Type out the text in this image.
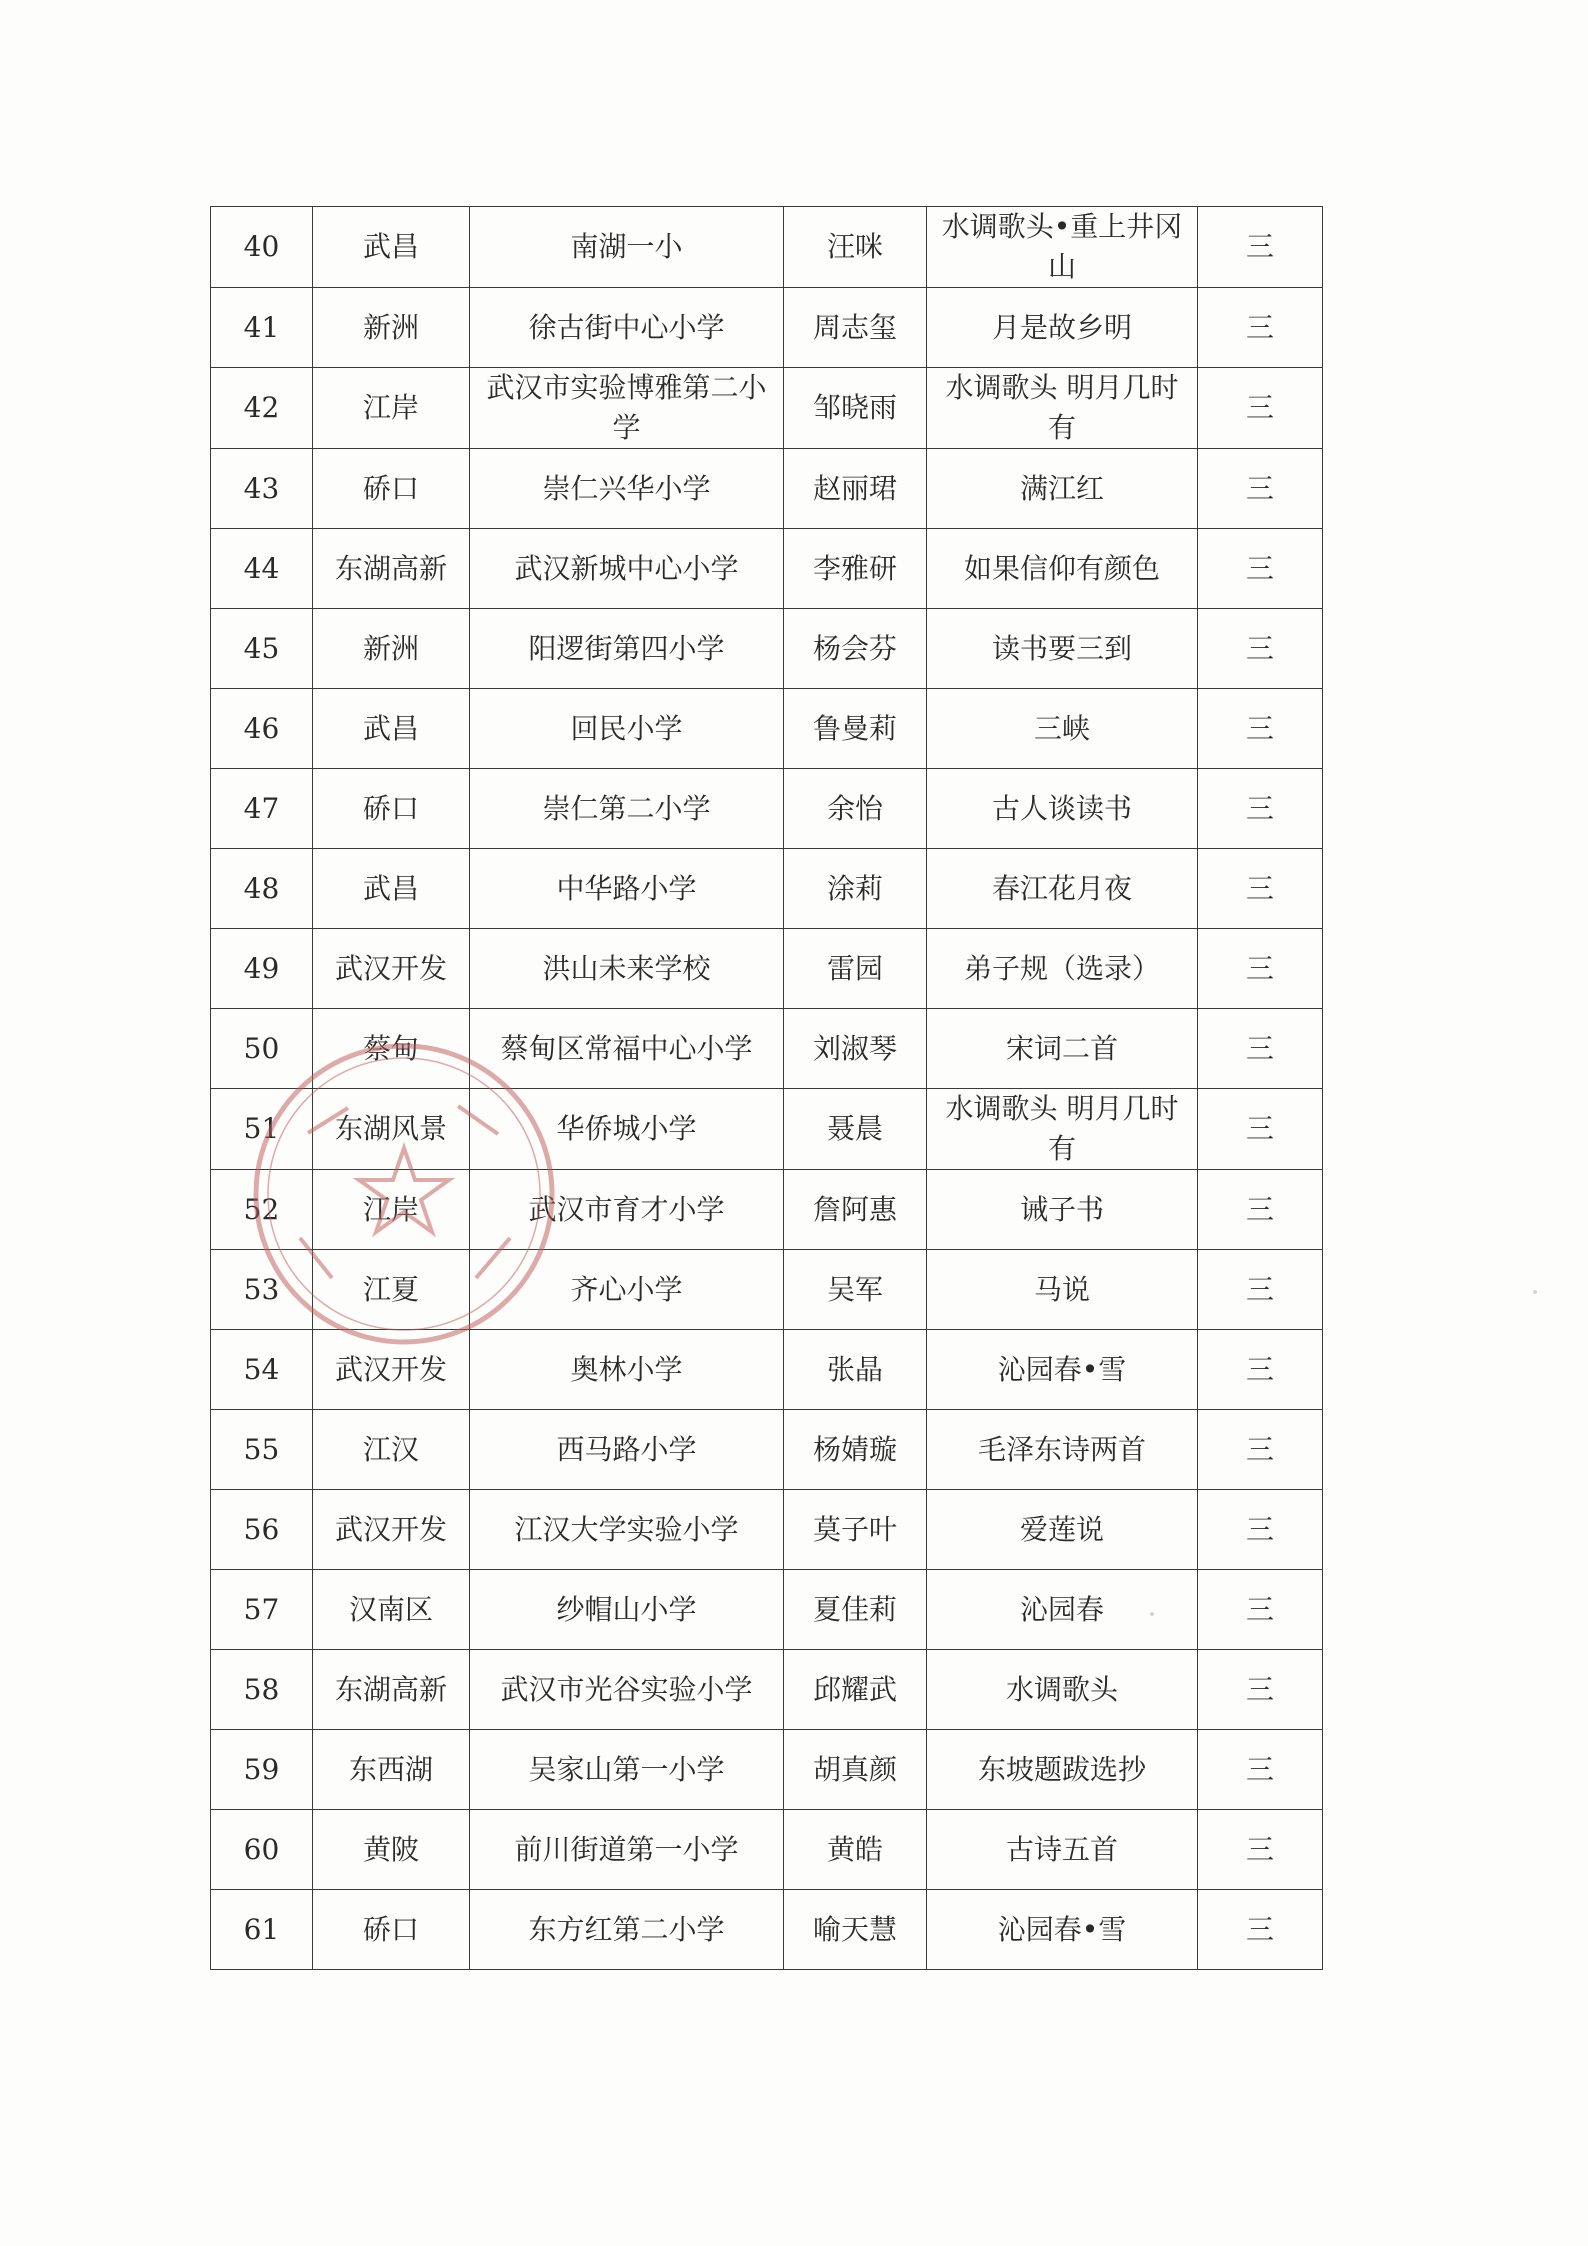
40	武昌	南湖一小	汪咪	水调歌头•重上井冈山	三
41	新洲	徐古街中心小学	周志玺	月是故乡明	三
42	江岸	武汉市实验博雅第二小学	邹晓雨	水调歌头 明月几时有	三
43	硚口	崇仁兴华小学	赵丽珺	满江红	三
44	东湖高新	武汉新城中心小学	李雅研	如果信仰有颜色	三
45	新洲	阳逻街第四小学	杨会芬	读书要三到	三
46	武昌	回民小学	鲁曼莉	三峡	三
47	硚口	崇仁第二小学	余怡	古人谈读书	三
48	武昌	中华路小学	涂莉	春江花月夜	三
49	武汉开发	洪山未来学校	雷园	弟子规（选录）	三
50	蔡甸	蔡甸区常福中心小学	刘淑琴	宋词二首	三
51	东湖风景	华侨城小学	聂晨	水调歌头 明月几时有	三
52	江岸	武汉市育才小学	詹阿惠	诫子书	三
53	江夏	齐心小学	吴军	马说	三
54	武汉开发	奥林小学	张晶	沁园春•雪	三
55	江汉	西马路小学	杨婧璇	毛泽东诗两首	三
56	武汉开发	江汉大学实验小学	莫子叶	爱莲说	三
57	汉南区	纱帽山小学	夏佳莉	沁园春	三
58	东湖高新	武汉市光谷实验小学	邱耀武	水调歌头	三
59	东西湖	吴家山第一小学	胡真颜	东坡题跋选抄	三
60	黄陂	前川街道第一小学	黄皓	古诗五首	三
61	硚口	东方红第二小学	喻天慧	沁园春•雪	三
